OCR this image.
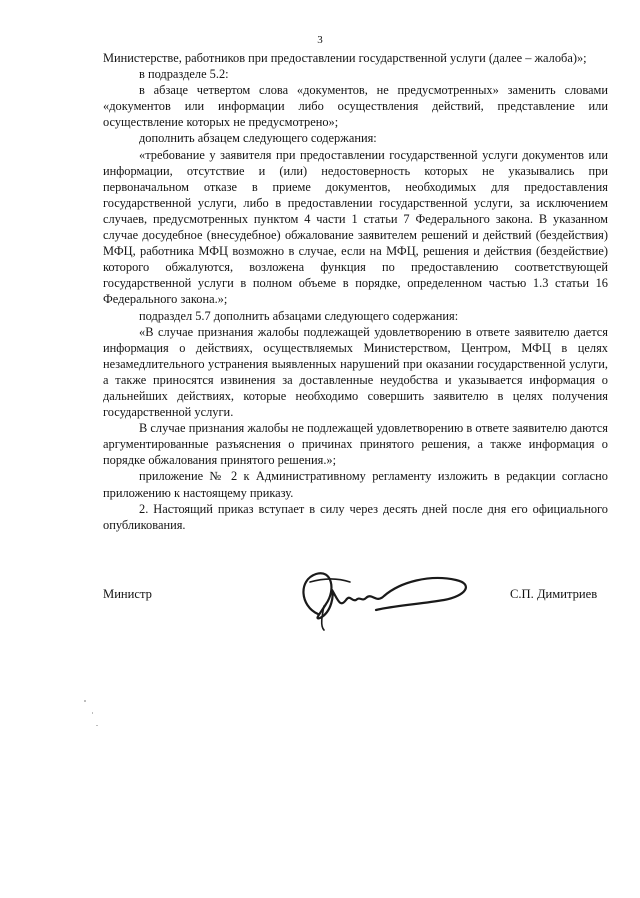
3

Министерстве, работников при предоставлении государственной услуги (далее – жалоба)»;

в подразделе 5.2:

в абзаце четвертом слова «документов, не предусмотренных» заменить словами «документов или информации либо осуществления действий, представление или осуществление которых не предусмотрено»;

дополнить абзацем следующего содержания:

«требование у заявителя при предоставлении государственной услуги документов или информации, отсутствие и (или) недостоверность которых не указывались при первоначальном отказе в приеме документов, необходимых для предоставления государственной услуги, либо в предоставлении государственной услуги, за исключением случаев, предусмотренных пунктом 4 части 1 статьи 7 Федерального закона. В указанном случае досудебное (внесудебное) обжалование заявителем решений и действий (бездействия) МФЦ, работника МФЦ возможно в случае, если на МФЦ, решения и действия (бездействие) которого обжалуются, возложена функция по предоставлению соответствующей государственной услуги в полном объеме в порядке, определенном частью 1.3 статьи 16 Федерального закона.»;

подраздел 5.7 дополнить абзацами следующего содержания:

«В случае признания жалобы подлежащей удовлетворению в ответе заявителю дается информация о действиях, осуществляемых Министерством, Центром, МФЦ в целях незамедлительного устранения выявленных нарушений при оказании государственной услуги, а также приносятся извинения за доставленные неудобства и указывается информация о дальнейших действиях, которые необходимо совершить заявителю в целях получения государственной услуги.

В случае признания жалобы не подлежащей удовлетворению в ответе заявителю даются аргументированные разъяснения о причинах принятого решения, а также информация о порядке обжалования принятого решения.»;

приложение № 2 к Административному регламенту изложить в редакции согласно приложению к настоящему приказу.

2. Настоящий приказ вступает в силу через десять дней после дня его официального опубликования.

Министр	С.П. Димитриев
